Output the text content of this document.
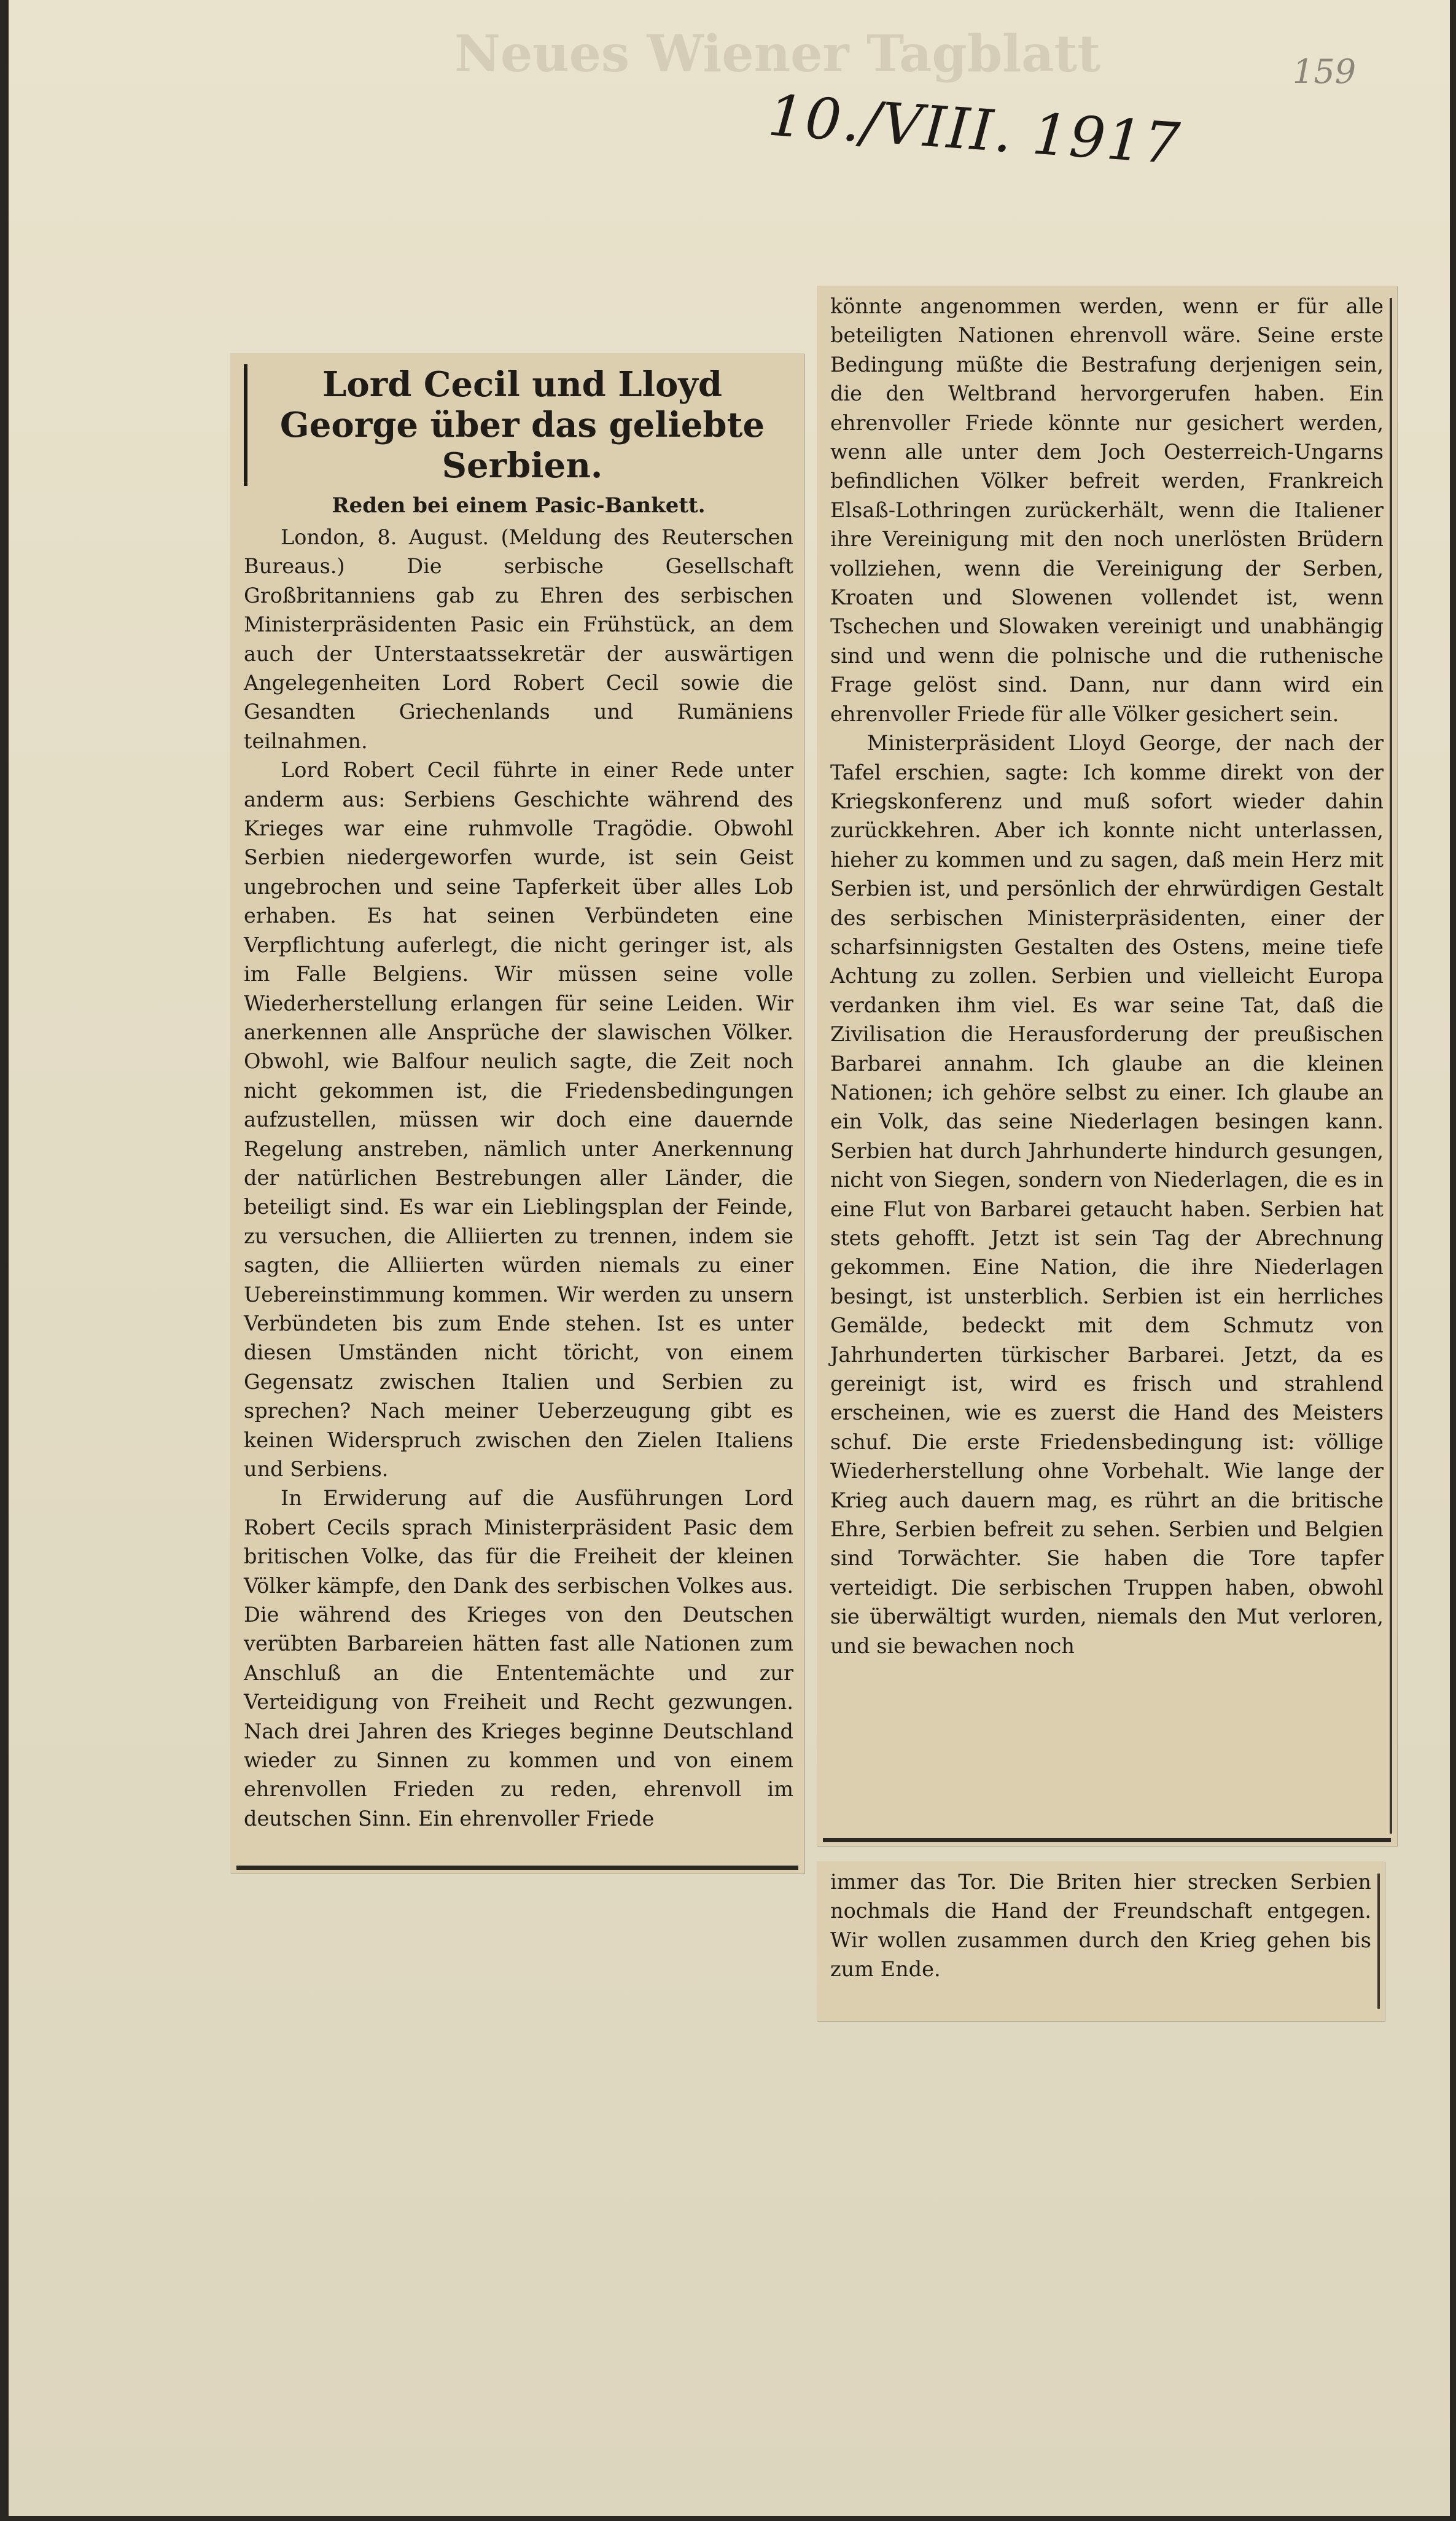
Neues Wiener Tagblatt
10./VIII. 1917
159
Lord Cecil und Lloyd George über das geliebte Serbien.
Reden bei einem Pasic-Bankett.

London, 8. August. (Meldung des Reuterschen Bureaus.) Die serbische Gesellschaft Großbritanniens gab zu Ehren des serbischen Ministerpräsidenten Pasic ein Frühstück, an dem auch der Unterstaatssekretär der auswärtigen Angelegenheiten Lord Robert Cecil sowie die Gesandten Griechenlands und Rumäniens teilnahmen.

Lord Robert Cecil führte in einer Rede unter anderm aus: Serbiens Geschichte während des Krieges war eine ruhmvolle Tragödie. Obwohl Serbien niedergeworfen wurde, ist sein Geist ungebrochen und seine Tapferkeit über alles Lob erhaben. Es hat seinen Verbündeten eine Verpflichtung auferlegt, die nicht geringer ist, als im Falle Belgiens. Wir müssen seine volle Wiederherstellung erlangen für seine Leiden. Wir anerkennen alle Ansprüche der slawischen Völker. Obwohl, wie Balfour neulich sagte, die Zeit noch nicht gekommen ist, die Friedensbedingungen aufzustellen, müssen wir doch eine dauernde Regelung anstreben, nämlich unter Anerkennung der natürlichen Bestrebungen aller Länder, die beteiligt sind. Es war ein Lieblingsplan der Feinde, zu versuchen, die Alliierten zu trennen, indem sie sagten, die Alliierten würden niemals zu einer Uebereinstimmung kommen. Wir werden zu unsern Verbündeten bis zum Ende stehen. Ist es unter diesen Umständen nicht töricht, von einem Gegensatz zwischen Italien und Serbien zu sprechen? Nach meiner Ueberzeugung gibt es keinen Widerspruch zwischen den Zielen Italiens und Serbiens.

In Erwiderung auf die Ausführungen Lord Robert Cecils sprach Ministerpräsident Pasic dem britischen Volke, das für die Freiheit der kleinen Völker kämpfe, den Dank des serbischen Volkes aus. Die während des Krieges von den Deutschen verübten Barbareien hätten fast alle Nationen zum Anschluß an die Ententemächte und zur Verteidigung von Freiheit und Recht gezwungen. Nach drei Jahren des Krieges beginne Deutschland wieder zu Sinnen zu kommen und von einem ehrenvollen Frieden zu reden, ehrenvoll im deutschen Sinn. Ein ehrenvoller Friede

könnte angenommen werden, wenn er für alle beteiligten Nationen ehrenvoll wäre. Seine erste Bedingung müßte die Bestrafung derjenigen sein, die den Weltbrand hervorgerufen haben. Ein ehrenvoller Friede könnte nur gesichert werden, wenn alle unter dem Joch Oesterreich-Ungarns befindlichen Völker befreit werden, Frankreich Elsaß-Lothringen zurückerhält, wenn die Italiener ihre Vereinigung mit den noch unerlösten Brüdern vollziehen, wenn die Vereinigung der Serben, Kroaten und Slowenen vollendet ist, wenn Tschechen und Slowaken vereinigt und unabhängig sind und wenn die polnische und die ruthenische Frage gelöst sind. Dann, nur dann wird ein ehrenvoller Friede für alle Völker gesichert sein.

Ministerpräsident Lloyd George, der nach der Tafel erschien, sagte: Ich komme direkt von der Kriegskonferenz und muß sofort wieder dahin zurückkehren. Aber ich konnte nicht unterlassen, hieher zu kommen und zu sagen, daß mein Herz mit Serbien ist, und persönlich der ehrwürdigen Gestalt des serbischen Ministerpräsidenten, einer der scharfsinnigsten Gestalten des Ostens, meine tiefe Achtung zu zollen. Serbien und vielleicht Europa verdanken ihm viel. Es war seine Tat, daß die Zivilisation die Herausforderung der preußischen Barbarei annahm. Ich glaube an die kleinen Nationen; ich gehöre selbst zu einer. Ich glaube an ein Volk, das seine Niederlagen besingen kann. Serbien hat durch Jahrhunderte hindurch gesungen, nicht von Siegen, sondern von Niederlagen, die es in eine Flut von Barbarei getaucht haben. Serbien hat stets gehofft. Jetzt ist sein Tag der Abrechnung gekommen. Eine Nation, die ihre Niederlagen besingt, ist unsterblich. Serbien ist ein herrliches Gemälde, bedeckt mit dem Schmutz von Jahrhunderten türkischer Barbarei. Jetzt, da es gereinigt ist, wird es frisch und strahlend erscheinen, wie es zuerst die Hand des Meisters schuf. Die erste Friedensbedingung ist: völlige Wiederherstellung ohne Vorbehalt. Wie lange der Krieg auch dauern mag, es rührt an die britische Ehre, Serbien befreit zu sehen. Serbien und Belgien sind Torwächter. Sie haben die Tore tapfer verteidigt. Die serbischen Truppen haben, obwohl sie überwältigt wurden, niemals den Mut verloren, und sie bewachen noch

immer das Tor. Die Briten hier strecken Serbien nochmals die Hand der Freundschaft entgegen. Wir wollen zusammen durch den Krieg gehen bis zum Ende.
